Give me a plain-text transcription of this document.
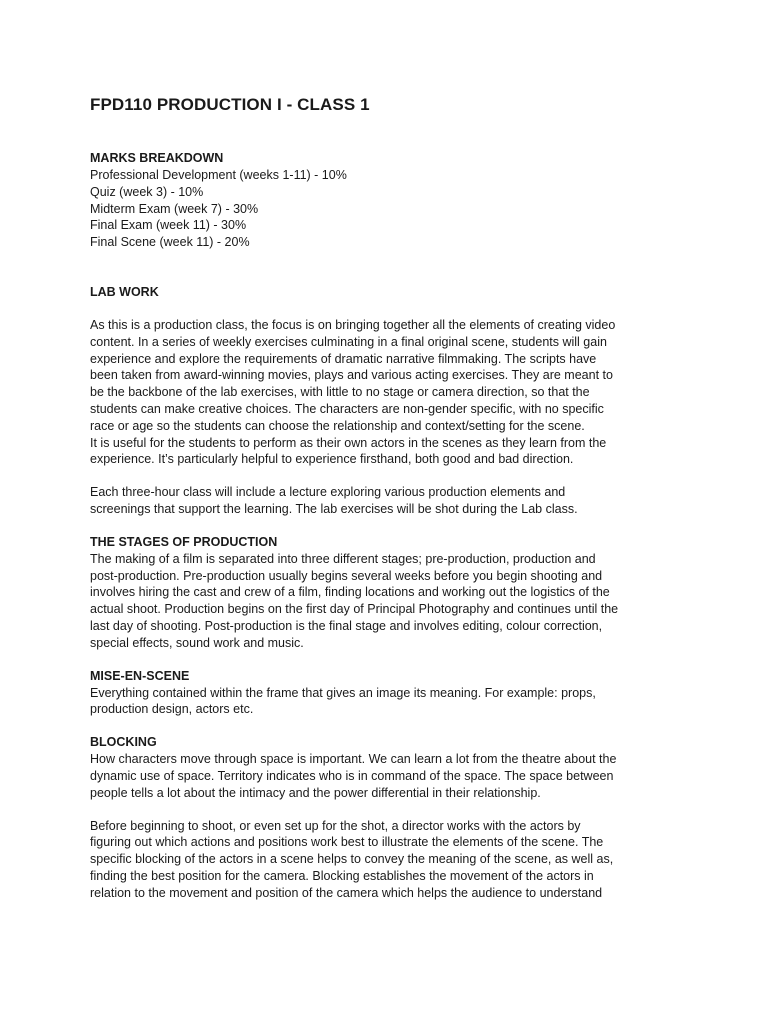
FPD110 PRODUCTION I - CLASS 1
MARKS BREAKDOWN
Professional Development (weeks 1-11) - 10%
Quiz (week 3) - 10%
Midterm Exam (week 7) - 30%
Final Exam (week 11) - 30%
Final Scene (week 11) - 20%
LAB WORK
As this is a production class, the focus is on bringing together all the elements of creating video
content. In a series of weekly exercises culminating in a final original scene, students will gain
experience and explore the requirements of dramatic narrative filmmaking. The scripts have
been taken from award-winning movies, plays and various acting exercises. They are meant to
be the backbone of the lab exercises, with little to no stage or camera direction, so that the
students can make creative choices. The characters are non-gender specific, with no specific
race or age so the students can choose the relationship and context/setting for the scene.
It is useful for the students to perform as their own actors in the scenes as they learn from the
experience. It’s particularly helpful to experience firsthand, both good and bad direction.
Each three-hour class will include a lecture exploring various production elements and
screenings that support the learning. The lab exercises will be shot during the Lab class.
THE STAGES OF PRODUCTION
The making of a film is separated into three different stages; pre-production, production and
post-production. Pre-production usually begins several weeks before you begin shooting and
involves hiring the cast and crew of a film, finding locations and working out the logistics of the
actual shoot. Production begins on the first day of Principal Photography and continues until the
last day of shooting. Post-production is the final stage and involves editing, colour correction,
special effects, sound work and music.
MISE-EN-SCENE
Everything contained within the frame that gives an image its meaning. For example: props,
production design, actors etc.
BLOCKING
How characters move through space is important. We can learn a lot from the theatre about the
dynamic use of space. Territory indicates who is in command of the space. The space between
people tells a lot about the intimacy and the power differential in their relationship.
Before beginning to shoot, or even set up for the shot, a director works with the actors by
figuring out which actions and positions work best to illustrate the elements of the scene. The
specific blocking of the actors in a scene helps to convey the meaning of the scene, as well as,
finding the best position for the camera. Blocking establishes the movement of the actors in
relation to the movement and position of the camera which helps the audience to understand
